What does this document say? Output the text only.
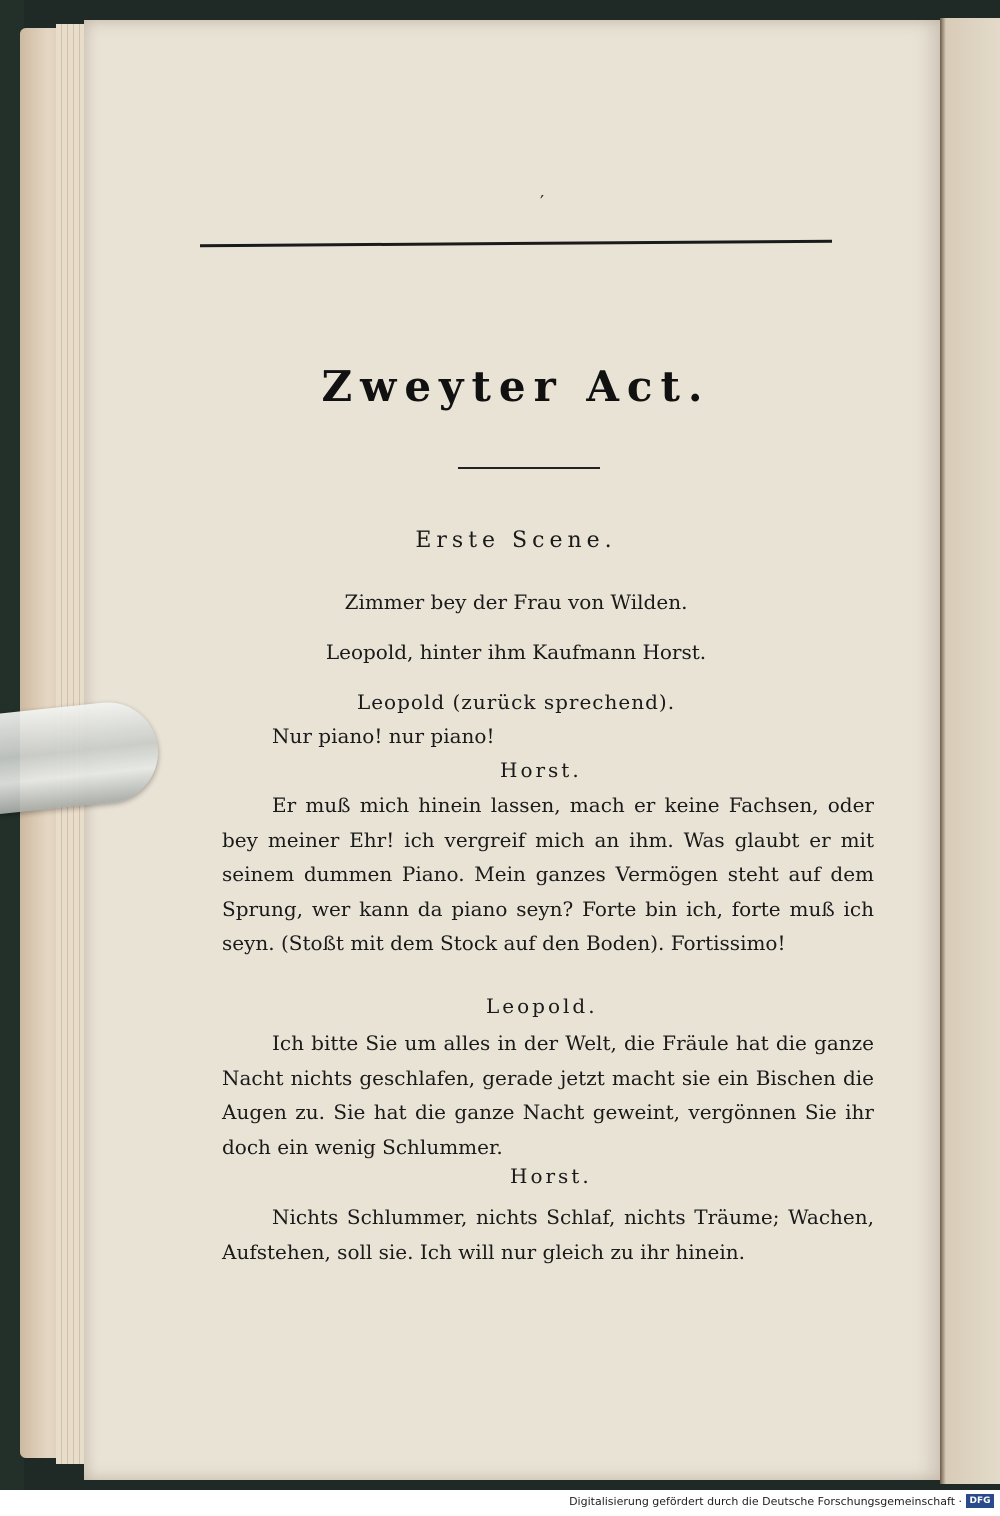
′
Zweyter Act.
Erste Scene.
Zimmer bey der Frau von Wilden.
Leopold, hinter ihm Kaufmann Horst.
Leopold (zurück sprechend).
Nur piano! nur piano!
Horst.

Er muß mich hinein lassen, mach er keine Fachsen, oder bey meiner Ehr! ich vergreif mich an ihm. Was glaubt er mit seinem dummen Piano. Mein ganzes Vermögen steht auf dem Sprung, wer kann da piano seyn? Forte bin ich, forte muß ich seyn. (Stoßt mit dem Stock auf den Boden). Fortissimo!

Leopold.

Ich bitte Sie um alles in der Welt, die Fräule hat die ganze Nacht nichts geschlafen, gerade jetzt macht sie ein Bischen die Augen zu. Sie hat die ganze Nacht geweint, vergönnen Sie ihr doch ein wenig Schlummer.

Horst.

Nichts Schlummer, nichts Schlaf, nichts Träume; Wachen, Aufstehen, soll sie. Ich will nur gleich zu ihr hinein.

Digitalisierung gefördert durch die Deutsche Forschungsgemeinschaft · DFG
